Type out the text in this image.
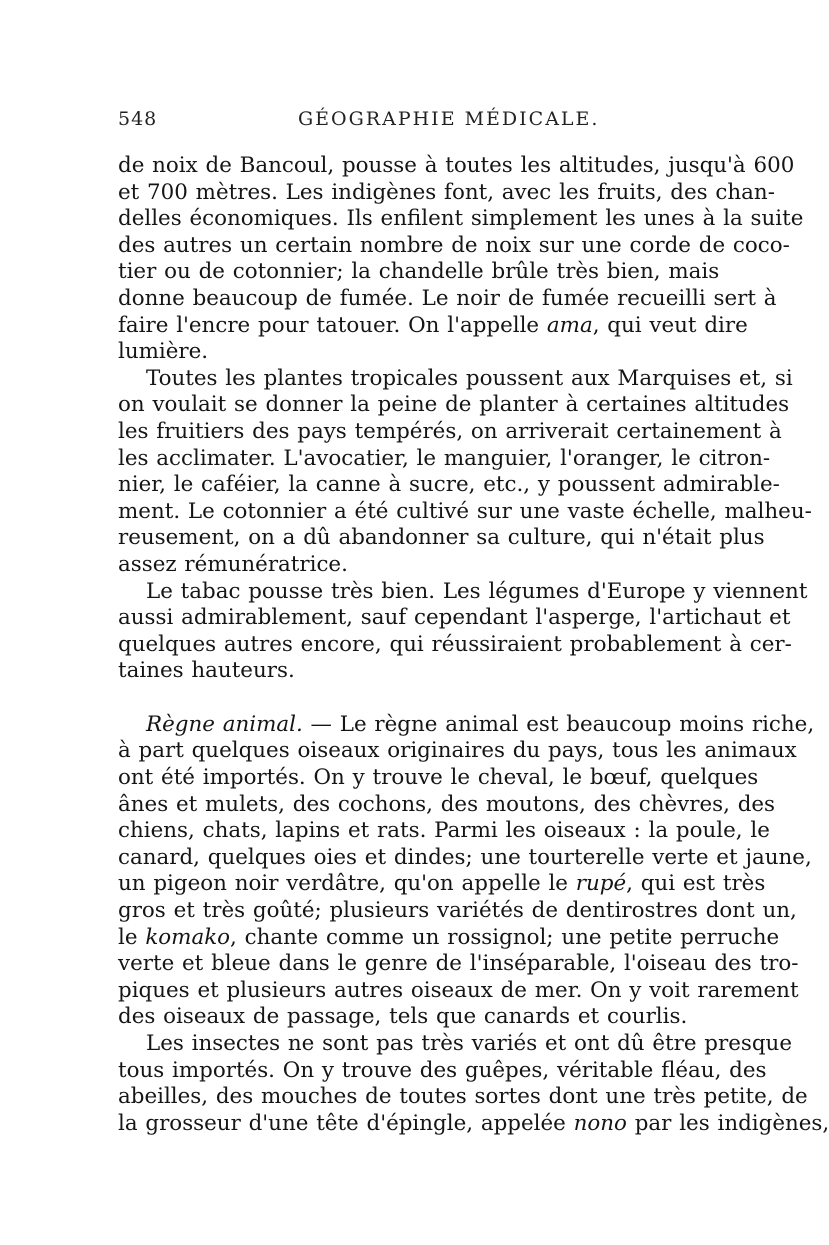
548	GÉOGRAPHIE MÉDICALE.
de noix de Bancoul, pousse à toutes les altitudes, jusqu'à 600
et 700 mètres. Les indigènes font, avec les fruits, des chan-
delles économiques. Ils enfilent simplement les unes à la suite
des autres un certain nombre de noix sur une corde de coco-
tier ou de cotonnier; la chandelle brûle très bien, mais
donne beaucoup de fumée. Le noir de fumée recueilli sert à
faire l'encre pour tatouer. On l'appelle ama, qui veut dire
lumière.
Toutes les plantes tropicales poussent aux Marquises et, si
on voulait se donner la peine de planter à certaines altitudes
les fruitiers des pays tempérés, on arriverait certainement à
les acclimater. L'avocatier, le manguier, l'oranger, le citron-
nier, le caféier, la canne à sucre, etc., y poussent admirable-
ment. Le cotonnier a été cultivé sur une vaste échelle, malheu-
reusement, on a dû abandonner sa culture, qui n'était plus
assez rémunératrice.
Le tabac pousse très bien. Les légumes d'Europe y viennent
aussi admirablement, sauf cependant l'asperge, l'artichaut et
quelques autres encore, qui réussiraient probablement à cer-
taines hauteurs.
Règne animal. — Le règne animal est beaucoup moins riche,
à part quelques oiseaux originaires du pays, tous les animaux
ont été importés. On y trouve le cheval, le bœuf, quelques
ânes et mulets, des cochons, des moutons, des chèvres, des
chiens, chats, lapins et rats. Parmi les oiseaux : la poule, le
canard, quelques oies et dindes; une tourterelle verte et jaune,
un pigeon noir verdâtre, qu'on appelle le rupé, qui est très
gros et très goûté; plusieurs variétés de dentirostres dont un,
le komako, chante comme un rossignol; une petite perruche
verte et bleue dans le genre de l'inséparable, l'oiseau des tro-
piques et plusieurs autres oiseaux de mer. On y voit rarement
des oiseaux de passage, tels que canards et courlis.
Les insectes ne sont pas très variés et ont dû être presque
tous importés. On y trouve des guêpes, véritable fléau, des
abeilles, des mouches de toutes sortes dont une très petite, de
la grosseur d'une tête d'épingle, appelée nono par les indigènes,
